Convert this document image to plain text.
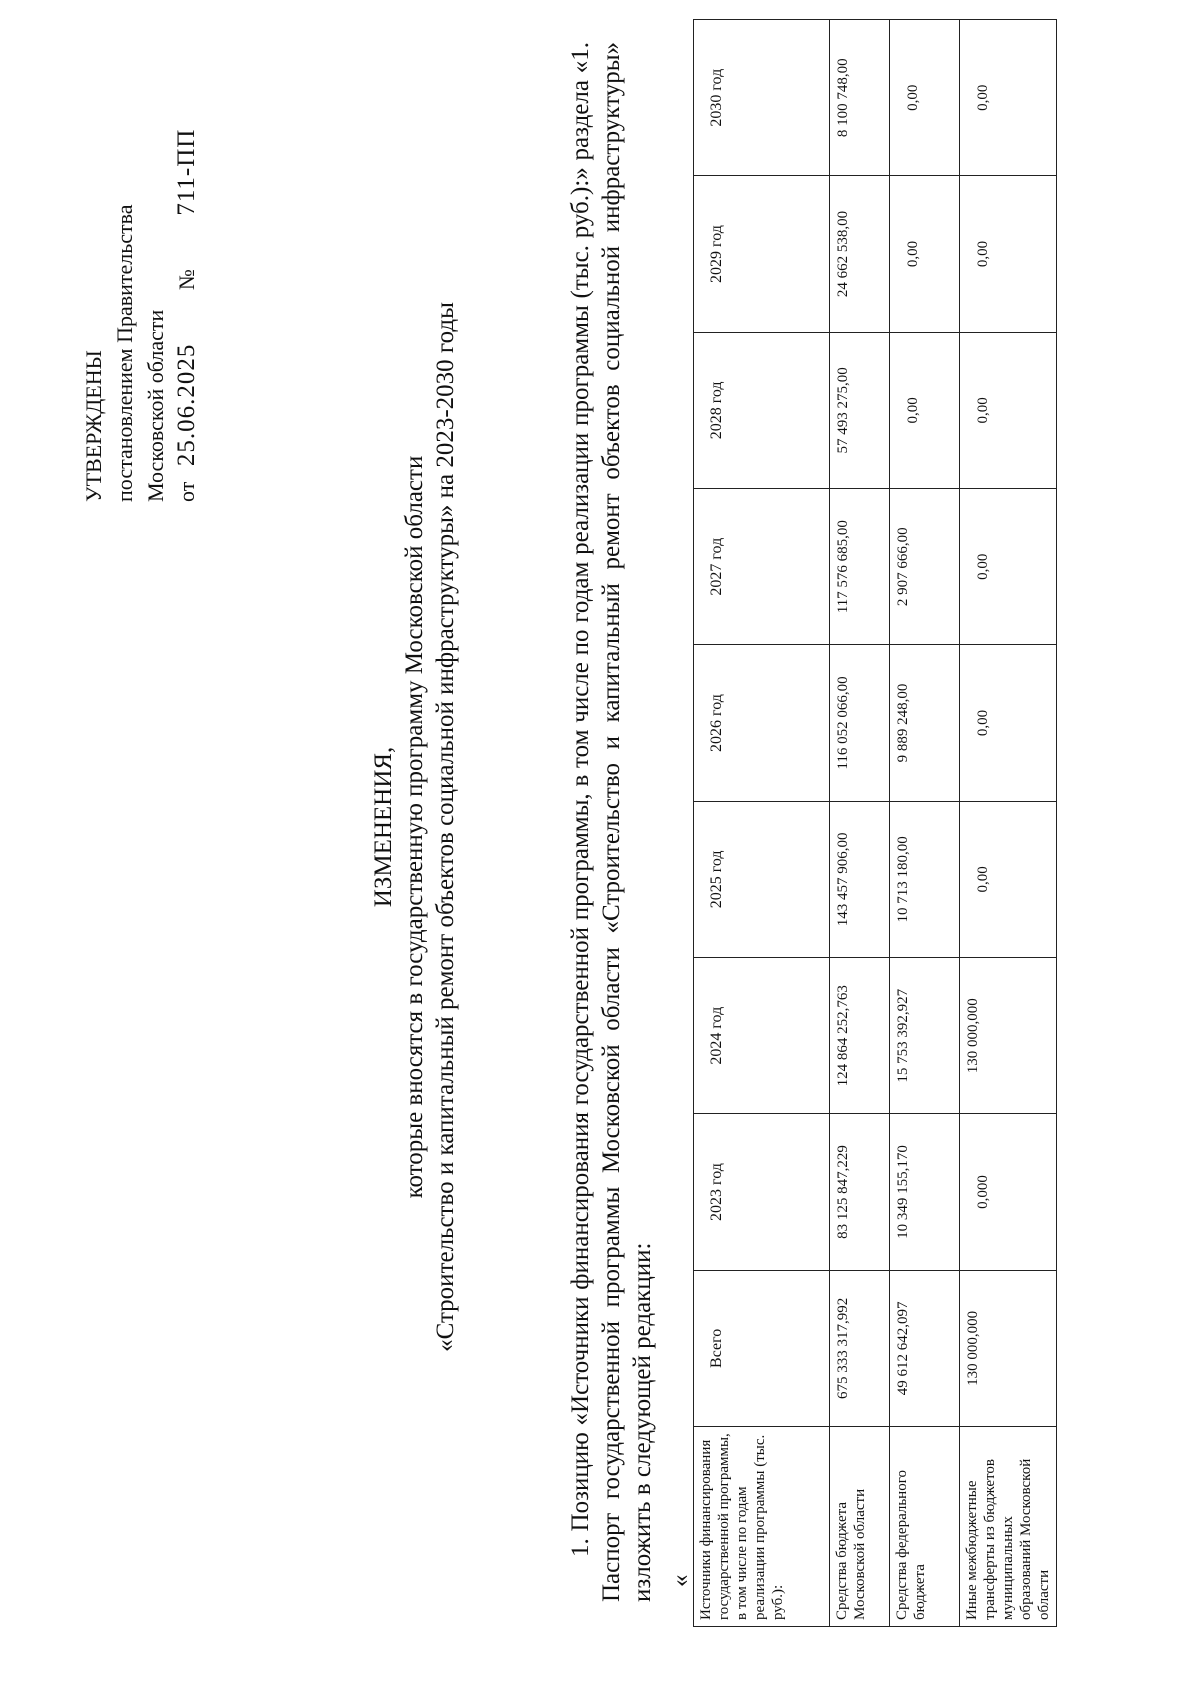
УТВЕРЖДЕНЫ постановлением Правительства Московской области от 25.06.2025 № 711-ПП
ИЗМЕНЕНИЯ, которые вносятся в государственную программу Московской области «Строительство и капитальный ремонт объектов социальной инфраструктуры» на 2023-2030 годы	1. Позицию «Источники финансирования государственной программы, в том числе по годам реализации программы (тыс. руб.):» раздела «1. Паспорт государственной программы Московской области «Строительство и капитальный ремонт объектов социальной инфраструктуры» изложить в следующей редакции: « Источники финансирования государственной программы, в том числе по годам реализации программы (тыс. руб.):	Всего	2023 год	2024 год	2025 год	2026 год	2027 год	2028 год	2029 год	2030 год
Средства бюджета Московской области	675 333 317,992	83 125 847,229	124 864 252,763	143 457 906,00	116 052 066,00	117 576 685,00	57 493 275,00	24 662 538,00	8 100 748,00
Средства федерального бюджета	49 612 642,097	10 349 155,170	15 753 392,927	10 713 180,00	9 889 248,00	2 907 666,00	0,00	0,00	0,00
Иные межбюджетные трансферты из бюджетов муниципальных образований Московской области	130 000,000	0,000	130 000,000	0,00	0,00	0,00	0,00	0,00	0,00
